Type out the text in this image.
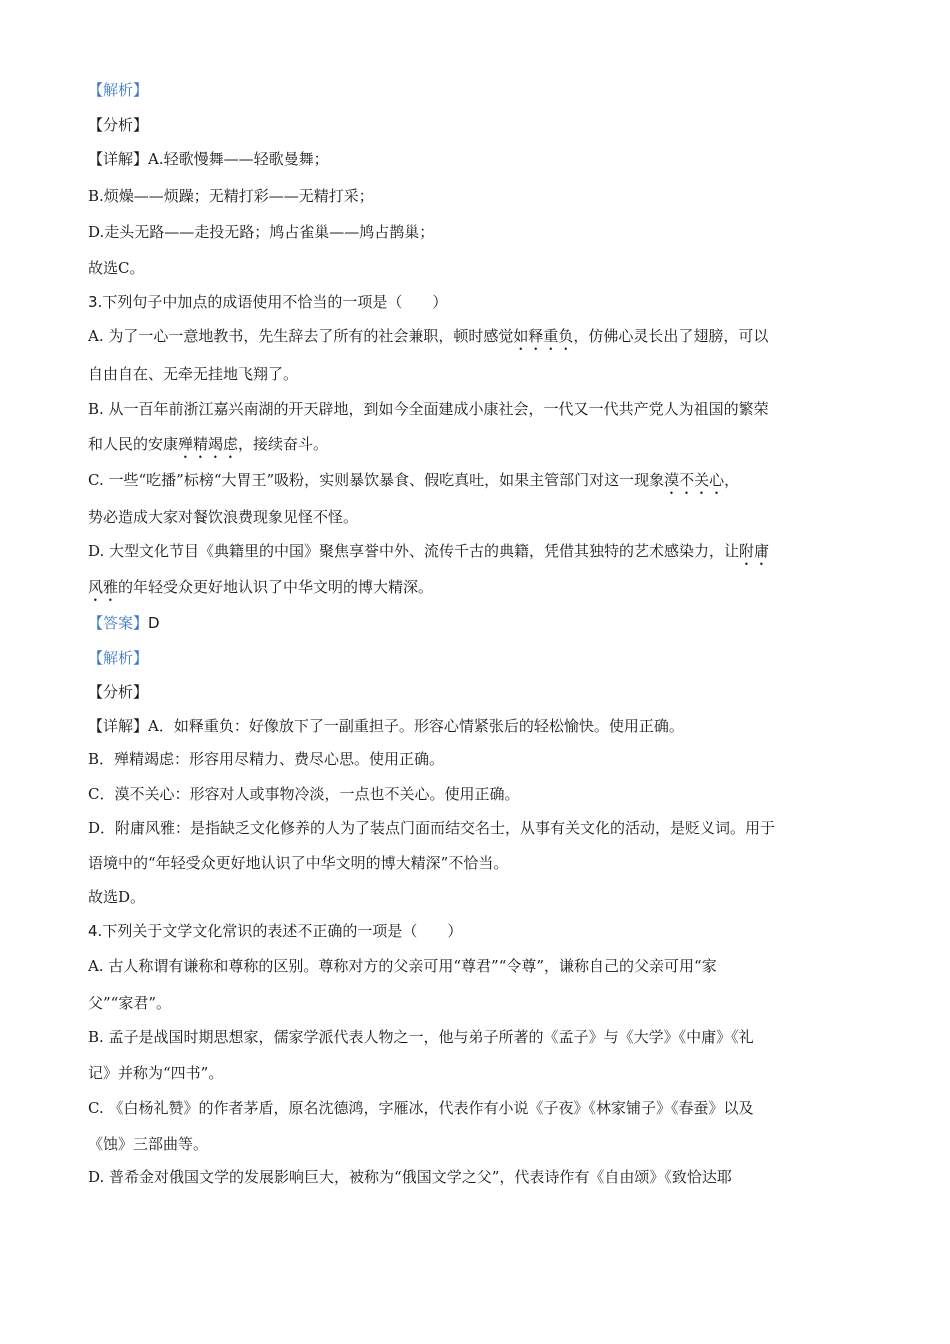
【解析】
【分析】
【详解】A.轻歌慢舞——轻歌曼舞；
B.烦燥——烦躁；无精打彩——无精打采；
D.走头无路——走投无路；鸠占雀巢——鸠占鹊巢；
故选C。
3.下列句子中加点的成语使用不恰当的一项是（　　）
A. 为了一心一意地教书，先生辞去了所有的社会兼职，顿时感觉如释重负，仿佛心灵长出了翅膀，可以
自由自在、无牵无挂地飞翔了。
B. 从一百年前浙江嘉兴南湖的开天辟地，到如今全面建成小康社会，一代又一代共产党人为祖国的繁荣
和人民的安康殚精竭虑，接续奋斗。
C. 一些“吃播”标榜“大胃王”吸粉，实则暴饮暴食、假吃真吐，如果主管部门对这一现象漠不关心，
势必造成大家对餐饮浪费现象见怪不怪。
D. 大型文化节目《典籍里的中国》聚焦享誉中外、流传千古的典籍，凭借其独特的艺术感染力，让附庸
风雅的年轻受众更好地认识了中华文明的博大精深。
【答案】D
【解析】
【分析】
【详解】A．如释重负：好像放下了一副重担子。形容心情紧张后的轻松愉快。使用正确。
B．殚精竭虑：形容用尽精力、费尽心思。使用正确。
C．漠不关心：形容对人或事物冷淡，一点也不关心。使用正确。
D．附庸风雅：是指缺乏文化修养的人为了装点门面而结交名士，从事有关文化的活动，是贬义词。用于
语境中的“年轻受众更好地认识了中华文明的博大精深”不恰当。
故选D。
4.下列关于文学文化常识的表述不正确的一项是（　　）
A. 古人称谓有谦称和尊称的区别。尊称对方的父亲可用“尊君”“令尊”，谦称自己的父亲可用“家
父”“家君”。
B. 孟子是战国时期思想家，儒家学派代表人物之一，他与弟子所著的《孟子》与《大学》《中庸》《礼
记》并称为“四书”。
C. 《白杨礼赞》的作者茅盾，原名沈德鸿，字雁冰，代表作有小说《子夜》《林家铺子》《春蚕》以及
《蚀》三部曲等。
D. 普希金对俄国文学的发展影响巨大，被称为“俄国文学之父”，代表诗作有《自由颂》《致恰达耶
